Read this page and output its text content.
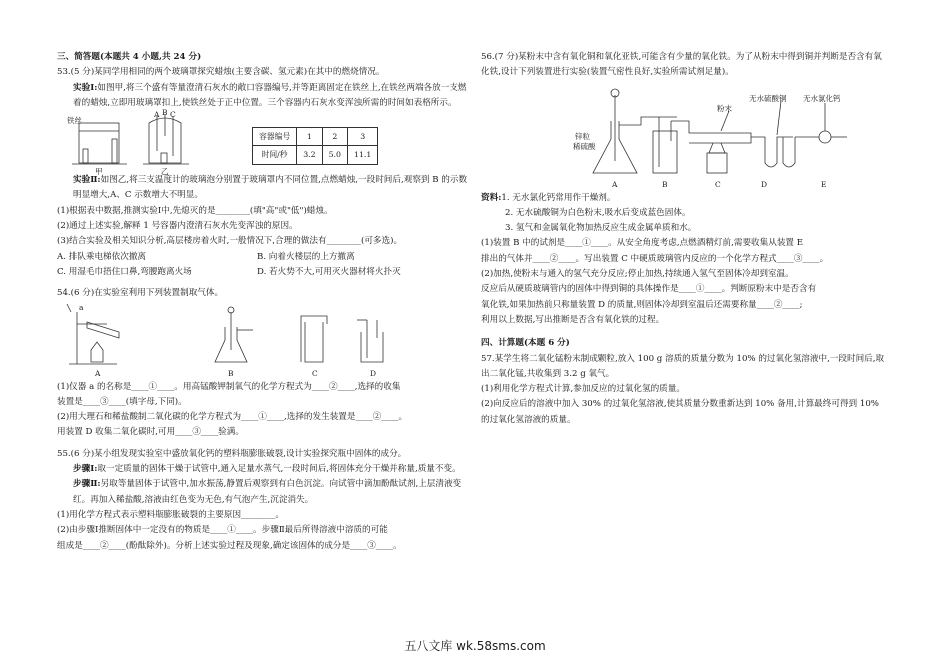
三、简答题(本题共 4 小题,共 24 分)

53.(5 分)某同学用相同的两个玻璃罩探究蜡烛(主要含碳、氢元素)在其中的燃烧情况。

实验Ⅰ:如图甲,将三个盛有等量澄清石灰水的敞口容器编号,并等距离固定在铁丝上,在铁丝两端各放一支燃着的蜡烛,立即用玻璃罩扣上,使铁丝处于正中位置。三个容器内石灰水变浑浊所需的时间如表格所示。

铁丝
A B C
甲	乙
容器编号	1	2	3
时间/秒	3.2	5.0	11.1

实验Ⅱ:如图乙,将三支温度计的玻璃泡分别置于玻璃罩内不同位置,点燃蜡烛,一段时间后,观察到 B 的示数明显增大,A、C 示数增大不明显。

(1)根据表中数据,推测实验Ⅰ中,先熄灭的是________(填"高"或"低")蜡烛。

(2)通过上述实验,解释 1 号容器内澄清石灰水先变浑浊的原因。

(3)结合实验及相关知识分析,高层楼房着火时,一般情况下,合理的做法有________(可多选)。

A. 排队乘电梯依次撤离	B. 向着火楼层的上方撤离
C. 用湿毛巾捂住口鼻,弯腰跑离火场	D. 若火势不大,可用灭火器材将火扑灭

54.(6 分)在实验室利用下列装置制取气体。

a
A	B	C	D

(1)仪器 a 的名称是____①____。用高锰酸钾制氧气的化学方程式为____②____,选择的收集

装置是____③____(填字母,下同)。

(2)用大理石和稀盐酸制二氧化碳的化学方程式为____①____,选择的发生装置是____②____。

用装置 D 收集二氧化碳时,可用____③____验满。

55.(6 分)某小组发现实验室中盛放氧化钙的塑料瓶膨胀破裂,设计实验探究瓶中固体的成分。

步骤Ⅰ:取一定质量的固体干燥于试管中,通入足量水蒸气,一段时间后,将固体充分干燥并称量,质量不变。

步骤Ⅱ:另取等量固体于试管中,加水振荡,静置后观察到有白色沉淀。向试管中滴加酚酞试剂,上层清液变红。再加入稀盐酸,溶液由红色变为无色,有气泡产生,沉淀消失。

(1)用化学方程式表示塑料瓶膨胀破裂的主要原因________。

(2)由步骤Ⅰ推断固体中一定没有的物质是____①____。步骤Ⅱ最后所得溶液中溶质的可能

组成是____②____(酚酞除外)。分析上述实验过程及现象,确定该固体的成分是____③____。

56.(7 分)某粉末中含有氧化铜和氧化亚铁,可能含有少量的氧化铁。为了从粉末中得到铜并判断是否含有氧化铁,设计下列装置进行实验(装置气密性良好,实验所需试剂足量)。

锌粒
稀硫酸
粉末
无水硫酸铜 无水氯化钙
A	B	C	D	E

资料:1. 无水氯化钙常用作干燥剂。

2. 无水硫酸铜为白色粉末,吸水后变成蓝色固体。

3. 氢气和金属氧化物加热反应生成金属单质和水。

(1)装置 B 中的试剂是____①____。从安全角度考虑,点燃酒精灯前,需要收集从装置 E

排出的气体并____②____。写出装置 C 中硬质玻璃管内反应的一个化学方程式____③____。

(2)加热,使粉末与通入的氢气充分反应;停止加热,持续通入氢气至固体冷却到室温。

反应后从硬质玻璃管内的固体中得到铜的具体操作是____①____。判断原粉末中是否含有

氧化铁,如果加热前只称量装置 D 的质量,则固体冷却到室温后还需要称量____②____;

利用以上数据,写出推断是否含有氧化铁的过程。

四、计算题(本题 6 分)

57.某学生将二氧化锰粉末制成颗粒,放入 100 g 溶质的质量分数为 10% 的过氧化氢溶液中,一段时间后,取出二氧化锰,共收集到 3.2 g 氧气。

(1)利用化学方程式计算,参加反应的过氧化氢的质量。

(2)向反应后的溶液中加入 30% 的过氧化氢溶液,使其质量分数重新达到 10% 备用,计算最终可得到 10% 的过氧化氢溶液的质量。

五八文库 wk.58sms.com
